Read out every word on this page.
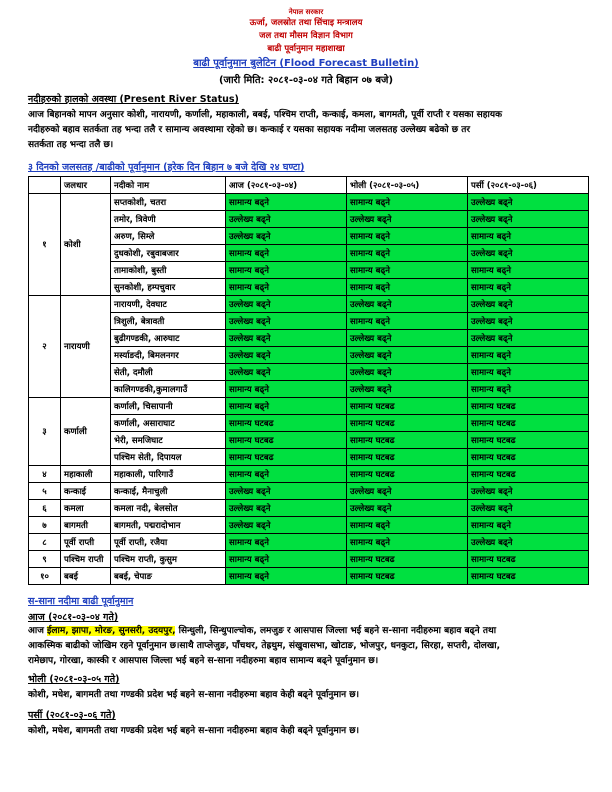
नेपाल सरकार
ऊर्जा, जलस्रोत तथा सिंचाइ मन्त्रालय
जल तथा मौसम विज्ञान विभाग
बाढी पूर्वानुमान महाशाखा
बाढी पूर्वानुमान बुलेटिन (Flood Forecast Bulletin)
(जारी मिति: २०८१-०३-०४ गते बिहान ०७ बजे)
नदीहरुको हालको अवस्था (Present River Status)
आज बिहानको मापन अनुसार कोशी, नारायणी, कर्णाली, महाकाली, बबई, पश्चिम राप्ती, कन्काई, कमला, बागमती, पूर्वी राप्ती र यसका सहायक
नदीहरुको बहाव सतर्कता तह भन्दा तलै र सामान्य अवस्थामा रहेको छ। कन्काई र यसका सहायक नदीमा जलसतह उल्लेख्य बढेको छ तर
सतर्कता तह भन्दा तलै छ।
३ दिनको जलसतह /बाढीको पूर्वानुमान (हरेक दिन बिहान ७ बजे देखि २४ घण्टा)
	जलधार	नदीको नाम	आज (२०८१-०३-०४)	भोली (२०८१-०३-०५)	पर्सी (२०८१-०३-०६)
१	कोशी	सप्तकोशी, चतरा	सामान्य बढ्ने	सामान्य बढ्ने	उल्लेख्य बढ्ने
		तमोर, त्रिवेणी	उल्लेख्य बढ्ने	उल्लेख्य बढ्ने	उल्लेख्य बढ्ने
		अरुण, सिम्ले	उल्लेख्य बढ्ने	सामान्य बढ्ने	सामान्य बढ्ने
		दुधकोशी, रबुवाबजार	सामान्य बढ्ने	सामान्य बढ्ने	उल्लेख्य बढ्ने
		तामाकोशी, बुस्ती	सामान्य बढ्ने	सामान्य बढ्ने	सामान्य बढ्ने
		सुनकोशी, हम्पचुवार	सामान्य बढ्ने	सामान्य बढ्ने	सामान्य बढ्ने
२	नारायणी	नारायणी, देवघाट	उल्लेख्य बढ्ने	उल्लेख्य बढ्ने	उल्लेख्य बढ्ने
		त्रिशुली, बेत्रावती	उल्लेख्य बढ्ने	सामान्य बढ्ने	उल्लेख्य बढ्ने
		बुढीगण्डकी, आरुघाट	उल्लेख्य बढ्ने	उल्लेख्य बढ्ने	उल्लेख्य बढ्ने
		मर्स्याङदी, बिमलनगर	उल्लेख्य बढ्ने	उल्लेख्य बढ्ने	सामान्य बढ्ने
		सेती, दमौली	उल्लेख्य बढ्ने	उल्लेख्य बढ्ने	सामान्य बढ्ने
		कालिगण्डकी,कुमालगाउँ	सामान्य बढ्ने	उल्लेख्य बढ्ने	सामान्य बढ्ने
३	कर्णाली	कर्णाली, चिसापानी	सामान्य बढ्ने	सामान्य घटबढ	सामान्य घटबढ
		कर्णाली, असाराघाट	सामान्य घटबढ	सामान्य घटबढ	सामान्य घटबढ
		भेरी, समजिघाट	सामान्य घटबढ	सामान्य घटबढ	सामान्य घटबढ
		पश्चिम सेती, दिपायल	सामान्य घटबढ	सामान्य घटबढ	सामान्य घटबढ
४	महाकाली	महाकाली, पारिगाउँ	सामान्य बढ्ने	सामान्य घटबढ	सामान्य घटबढ
५	कन्काई	कन्काई, मैनाचुली	उल्लेख्य बढ्ने	उल्लेख्य बढ्ने	उल्लेख्य बढ्ने
६	कमला	कमला नदी, बेलसोत	उल्लेख्य बढ्ने	उल्लेख्य बढ्ने	उल्लेख्य बढ्ने
७	बागमती	बागमती, पद्मरादोभान	उल्लेख्य बढ्ने	सामान्य बढ्ने	सामान्य बढ्ने
८	पूर्वी राप्ती	पूर्वी राप्ती, रजैया	सामान्य बढ्ने	सामान्य बढ्ने	उल्लेख्य बढ्ने
९	पश्चिम राप्ती	पश्चिम राप्ती, कुसुम	सामान्य बढ्ने	सामान्य घटबढ	सामान्य घटबढ
१०	बबई	बबई, चेपाङ	सामान्य बढ्ने	सामान्य घटबढ	सामान्य घटबढ
स-साना नदीमा बाढी पूर्वानुमान
आज (२०८१-०३-०४ गते)
आज ईलाम, झापा, मोरङ, सुनसरी, उदयपुर, सिन्धुली, सिन्धुपाल्चोक, लमजुङ र आसपास जिल्ला भई बहने स-साना नदीहरुमा बहाव बढ्ने तथा
आकस्मिक बाढीको जोखिम रहने पूर्वानुमान छ।साथै ताप्लेजुङ, पाँचथर, तेह्रथुम, संखुवासभा, खोटाङ, भोजपुर, धनकुटा, सिरहा, सप्तरी, दोलखा,
रामेछाप, गोरखा, कास्की र आसपास जिल्ला भई बहने स-साना नदीहरुमा बहाव सामान्य बढ्ने पूर्वानुमान छ।
भोली (२०८१-०३-०५ गते)
कोशी, मधेश, बागमती तथा गण्डकी प्रदेश भई बहने स-साना नदीहरुमा बहाव केही बढ्ने पूर्वानुमान छ।
पर्सी (२०८१-०३-०६ गते)
कोशी, मधेश, बागमती तथा गण्डकी प्रदेश भई बहने स-साना नदीहरुमा बहाव केही बढ्ने पूर्वानुमान छ।
